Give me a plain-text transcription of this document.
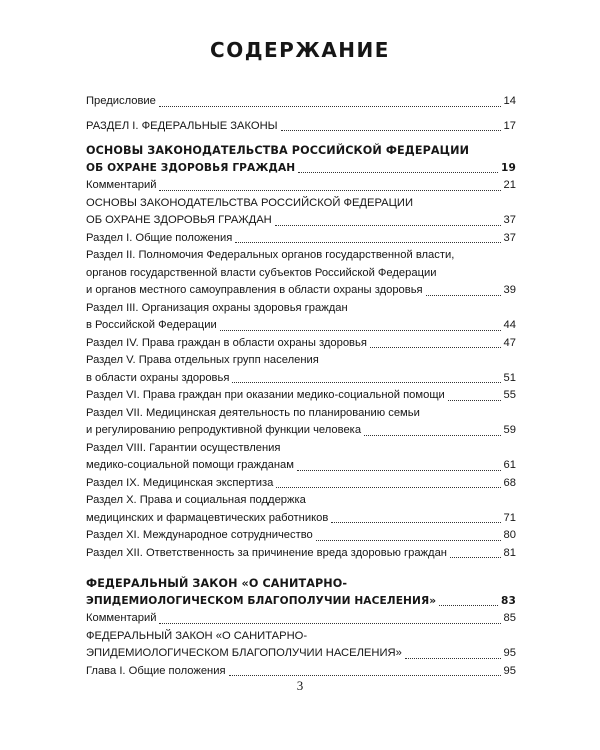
СОДЕРЖАНИЕ
Предисловие	14
РАЗДЕЛ I. ФЕДЕРАЛЬНЫЕ ЗАКОНЫ	17
ОСНОВЫ ЗАКОНОДАТЕЛЬСТВА РОССИЙСКОЙ ФЕДЕРАЦИИ
ОБ ОХРАНЕ ЗДОРОВЬЯ ГРАЖДАН	19
Комментарий	21
ОСНОВЫ ЗАКОНОДАТЕЛЬСТВА РОССИЙСКОЙ ФЕДЕРАЦИИ
ОБ ОХРАНЕ ЗДОРОВЬЯ ГРАЖДАН	37
Раздел I. Общие положения	37
Раздел II. Полномочия Федеральных органов государственной власти,
органов государственной власти субъектов Российской Федерации
и органов местного самоуправления в области охраны здоровья	39
Раздел III. Организация охраны здоровья граждан
в Российской Федерации	44
Раздел IV. Права граждан в области охраны здоровья	47
Раздел V. Права отдельных групп населения
в области охраны здоровья	51
Раздел VI. Права граждан при оказании медико-социальной помощи	55
Раздел VII. Медицинская деятельность по планированию семьи
и регулированию репродуктивной функции человека	59
Раздел VIII. Гарантии осуществления
медико-социальной помощи гражданам	61
Раздел IX. Медицинская экспертиза	68
Раздел X. Права и социальная поддержка
медицинских и фармацевтических работников	71
Раздел XI. Международное сотрудничество	80
Раздел XII. Ответственность за причинение вреда здоровью граждан	81
ФЕДЕРАЛЬНЫЙ ЗАКОН «О САНИТАРНО-
ЭПИДЕМИОЛОГИЧЕСКОМ БЛАГОПОЛУЧИИ НАСЕЛЕНИЯ»	83
Комментарий	85
ФЕДЕРАЛЬНЫЙ ЗАКОН «О САНИТАРНО-
ЭПИДЕМИОЛОГИЧЕСКОМ БЛАГОПОЛУЧИИ НАСЕЛЕНИЯ»	95
Глава I. Общие положения	95
3
